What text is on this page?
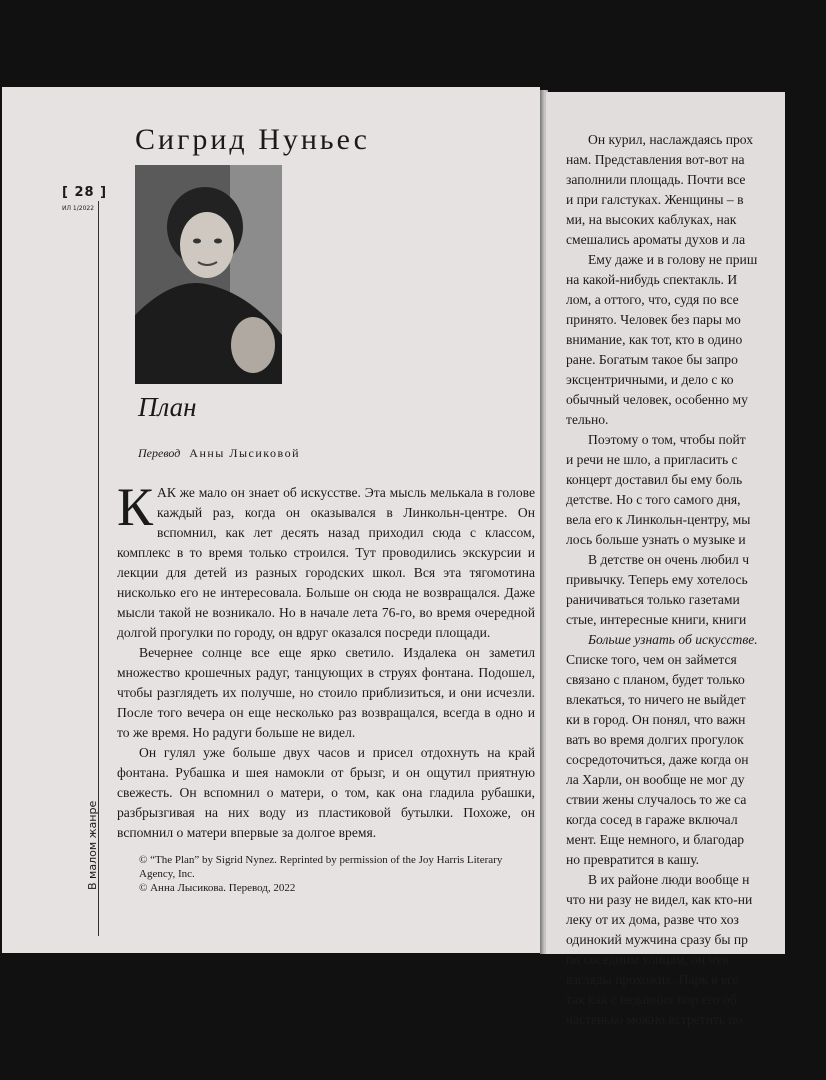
[ 28 ]
ИЛ 1/2022
В малом жанре
Сигрид Нуньес
План
Перевод Анны Лысиковой

КАК же мало он знает об искусстве. Эта мысль мелькала в голове каждый раз, когда он оказывался в Линкольн-центре. Он вспомнил, как лет десять назад приходил сюда с классом, комплекс в то время только строился. Тут проводились экскурсии и лекции для детей из разных городских школ. Вся эта тягомотина нисколько его не интересовала. Больше он сюда не возвращался. Даже мысли такой не возникало. Но в начале лета 76-го, во время очередной долгой прогулки по городу, он вдруг оказался посреди площади.

Вечернее солнце все еще ярко светило. Издалека он заметил множество крошечных радуг, танцующих в струях фонтана. Подошел, чтобы разглядеть их получше, но стоило приблизиться, и они исчезли. После того вечера он еще несколько раз возвращался, всегда в одно и то же время. Но радуги больше не видел.

Он гулял уже больше двух часов и присел отдохнуть на край фонтана. Рубашка и шея намокли от брызг, и он ощутил приятную свежесть. Он вспомнил о матери, о том, как она гладила рубашки, разбрызгивая на них воду из пластиковой бутылки. Похоже, он вспомнил о матери впервые за долгое время.

© “The Plan” by Sigrid Nynez. Reprinted by permission of the Joy Harris Literary
Agency, Inc.
© Анна Лысикова. Перевод, 2022

Он курил, наслаждаясь прох

нам. Представления вот-вот на

заполнили площадь. Почти все

и при галстуках. Женщины – в

ми, на высоких каблуках, нак

смешались ароматы духов и ла

Ему даже и в голову не приш

на какой-нибудь спектакль. И

лом, а оттого, что, судя по все

принято. Человек без пары мо

внимание, как тот, кто в одино

ране. Богатым такое бы запро

эксцентричными, и дело с ко

обычный человек, особенно му

тельно.

Поэтому о том, чтобы пойт

и речи не шло, а пригласить с

концерт доставил бы ему боль

детстве. Но с того самого дня,

вела его к Линкольн-центру, мы

лось больше узнать о музыке и

В детстве он очень любил ч

привычку. Теперь ему хотелось

раничиваться только газетами

стые, интересные книги, книги

Больше узнать об искусстве.

Списке того, чем он займется

связано с планом, будет только

влекаться, то ничего не выйдет

ки в город. Он понял, что важн

вать во время долгих прогулок

сосредоточиться, даже когда он

ла Харли, он вообще не мог ду

ствии жены случалось то же са

когда сосед в гараже включал

мент. Еще немного, и благодар

но превратится в кашу.

В их районе люди вообще н

что ни разу не видел, как кто-ни

леку от их дома, разве что хоз

одинокий мужчина сразу бы пр

по соседним улицам, он чув

взгляды прохожих. Парк в его

так как с недавних пор его об

частенько можно встретить по
